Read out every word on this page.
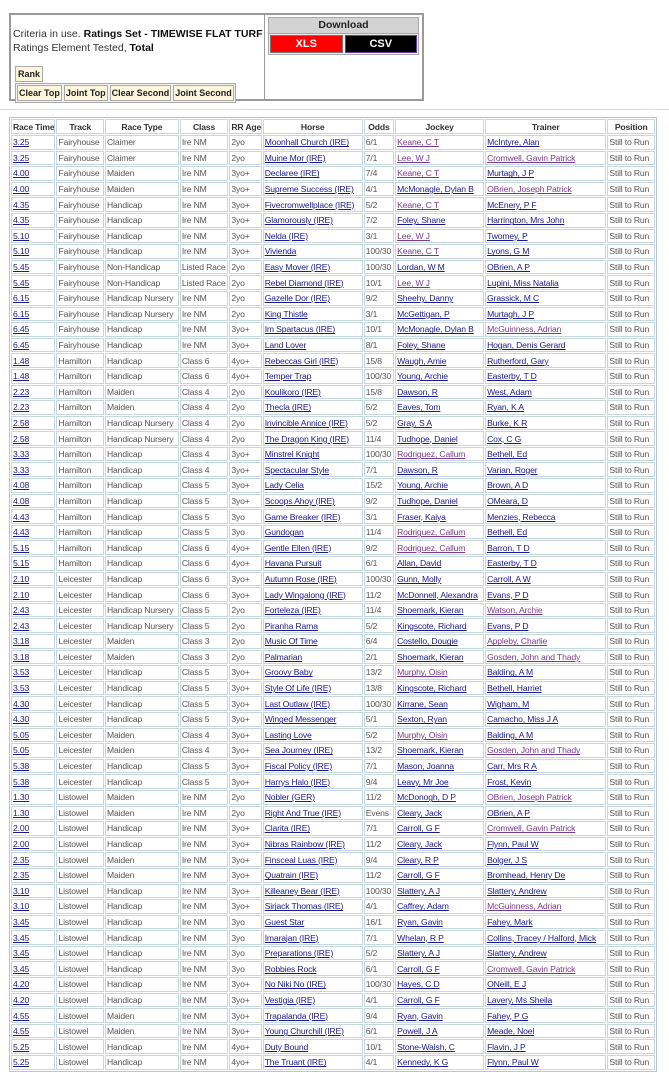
Criteria in use. Ratings Set - TIMEWISE FLAT TURF
Ratings Element Tested, Total
Rank
Clear Top Joint Top Clear Second Joint Second
Download
XLS	CSV
Race Time	Track	Race Type	Class	RR Age	Horse	Odds	Jockey	Trainer	Position
3.25	Fairyhouse	Claimer	Ire NM	2yo	Moonhall Church (IRE)	6/1	Keane, C T	McIntyre, Alan	Still to Run
3.25	Fairyhouse	Claimer	Ire NM	2yo	Muine Mor (IRE)	7/1	Lee, W J	Cromwell, Gavin Patrick	Still to Run
4.00	Fairyhouse	Maiden	Ire NM	3yo+	Declaree (IRE)	7/4	Keane, C T	Murtagh, J P	Still to Run
4.00	Fairyhouse	Maiden	Ire NM	3yo+	Supreme Success (IRE)	4/1	McMonagle, Dylan B	OBrien, Joseph Patrick	Still to Run
4.35	Fairyhouse	Handicap	Ire NM	3yo+	Fivecromwellplace (IRE)	5/2	Keane, C T	McEnery, P F	Still to Run
4.35	Fairyhouse	Handicap	Ire NM	3yo+	Glamorously (IRE)	7/2	Foley, Shane	Harrington, Mrs John	Still to Run
5.10	Fairyhouse	Handicap	Ire NM	3yo+	Nelda (IRE)	3/1	Lee, W J	Twomey, P	Still to Run
5.10	Fairyhouse	Handicap	Ire NM	3yo+	Vivienda	100/30	Keane, C T	Lyons, G M	Still to Run
5.45	Fairyhouse	Non-Handicap	Listed Race	2yo	Easy Mover (IRE)	100/30	Lordan, W M	OBrien, A P	Still to Run
5.45	Fairyhouse	Non-Handicap	Listed Race	2yo	Rebel Diamond (IRE)	10/1	Lee, W J	Lupini, Miss Natalia	Still to Run
6.15	Fairyhouse	Handicap Nursery	Ire NM	2yo	Gazelle Dor (IRE)	9/2	Sheehy, Danny	Grassick, M C	Still to Run
6.15	Fairyhouse	Handicap Nursery	Ire NM	2yo	King Thistle	3/1	McGettigan, P	Murtagh, J P	Still to Run
6.45	Fairyhouse	Handicap	Ire NM	3yo+	Im Spartacus (IRE)	10/1	McMonagle, Dylan B	McGuinness, Adrian	Still to Run
6.45	Fairyhouse	Handicap	Ire NM	3yo+	Land Lover	8/1	Foley, Shane	Hogan, Denis Gerard	Still to Run
1.48	Hamilton	Handicap	Class 6	4yo+	Rebeccas Girl (IRE)	15/8	Waugh, Amie	Rutherford, Gary	Still to Run
1.48	Hamilton	Handicap	Class 6	4yo+	Temper Trap	100/30	Young, Archie	Easterby, T D	Still to Run
2.23	Hamilton	Maiden	Class 4	2yo	Koulikoro (IRE)	15/8	Dawson, R	West, Adam	Still to Run
2.23	Hamilton	Maiden	Class 4	2yo	Thecla (IRE)	5/2	Eaves, Tom	Ryan, K A	Still to Run
2.58	Hamilton	Handicap Nursery	Class 4	2yo	Invincible Annice (IRE)	5/2	Gray, S A	Burke, K R	Still to Run
2.58	Hamilton	Handicap Nursery	Class 4	2yo	The Dragon King (IRE)	11/4	Tudhope, Daniel	Cox, C G	Still to Run
3.33	Hamilton	Handicap	Class 4	3yo+	Minstrel Knight	100/30	Rodriguez, Callum	Bethell, Ed	Still to Run
3.33	Hamilton	Handicap	Class 4	3yo+	Spectacular Style	7/1	Dawson, R	Varian, Roger	Still to Run
4.08	Hamilton	Handicap	Class 5	3yo+	Lady Celia	15/2	Young, Archie	Brown, A D	Still to Run
4.08	Hamilton	Handicap	Class 5	3yo+	Scoops Ahoy (IRE)	9/2	Tudhope, Daniel	OMeara, D	Still to Run
4.43	Hamilton	Handicap	Class 5	3yo	Game Breaker (IRE)	3/1	Fraser, Kaiya	Menzies, Rebecca	Still to Run
4.43	Hamilton	Handicap	Class 5	3yo	Gundogan	11/4	Rodriguez, Callum	Bethell, Ed	Still to Run
5.15	Hamilton	Handicap	Class 6	4yo+	Gentle Ellen (IRE)	9/2	Rodriguez, Callum	Barron, T D	Still to Run
5.15	Hamilton	Handicap	Class 6	4yo+	Havana Pursuit	6/1	Allan, David	Easterby, T D	Still to Run
2.10	Leicester	Handicap	Class 6	3yo+	Autumn Rose (IRE)	100/30	Gunn, Molly	Carroll, A W	Still to Run
2.10	Leicester	Handicap	Class 6	3yo+	Lady Wingalong (IRE)	11/2	McDonnell, Alexandra	Evans, P D	Still to Run
2.43	Leicester	Handicap Nursery	Class 5	2yo	Forteleza (IRE)	11/4	Shoemark, Kieran	Watson, Archie	Still to Run
2.43	Leicester	Handicap Nursery	Class 5	2yo	Piranha Rama	5/2	Kingscote, Richard	Evans, P D	Still to Run
3.18	Leicester	Maiden	Class 3	2yo	Music Of Time	6/4	Costello, Dougie	Appleby, Charlie	Still to Run
3.18	Leicester	Maiden	Class 3	2yo	Palmarian	2/1	Shoemark, Kieran	Gosden, John and Thady	Still to Run
3.53	Leicester	Handicap	Class 5	3yo+	Groovy Baby	13/2	Murphy, Oisin	Balding, A M	Still to Run
3.53	Leicester	Handicap	Class 5	3yo+	Style Of Life (IRE)	13/8	Kingscote, Richard	Bethell, Harriet	Still to Run
4.30	Leicester	Handicap	Class 5	3yo+	Last Outlaw (IRE)	100/30	Kirrane, Sean	Wigham, M	Still to Run
4.30	Leicester	Handicap	Class 5	3yo+	Winged Messenger	5/1	Sexton, Ryan	Camacho, Miss J A	Still to Run
5.05	Leicester	Maiden	Class 4	3yo+	Lasting Love	5/2	Murphy, Oisin	Balding, A M	Still to Run
5.05	Leicester	Maiden	Class 4	3yo+	Sea Journey (IRE)	13/2	Shoemark, Kieran	Gosden, John and Thady	Still to Run
5.38	Leicester	Handicap	Class 5	3yo+	Fiscal Policy (IRE)	7/1	Mason, Joanna	Carr, Mrs R A	Still to Run
5.38	Leicester	Handicap	Class 5	3yo+	Harrys Halo (IRE)	9/4	Leavy, Mr Joe	Frost, Kevin	Still to Run
1.30	Listowel	Maiden	Ire NM	2yo	Nobler (GER)	11/2	McDonogh, D P	OBrien, Joseph Patrick	Still to Run
1.30	Listowel	Maiden	Ire NM	2yo	Right And True (IRE)	Evens	Cleary, Jack	OBrien, A P	Still to Run
2.00	Listowel	Handicap	Ire NM	3yo+	Clarita (IRE)	7/1	Carroll, G F	Cromwell, Gavin Patrick	Still to Run
2.00	Listowel	Handicap	Ire NM	3yo+	Nibras Rainbow (IRE)	11/2	Cleary, Jack	Flynn, Paul W	Still to Run
2.35	Listowel	Maiden	Ire NM	3yo+	Finsceal Luas (IRE)	9/4	Cleary, R P	Bolger, J S	Still to Run
2.35	Listowel	Maiden	Ire NM	3yo+	Quatrain (IRE)	11/2	Carroll, G F	Bromhead, Henry De	Still to Run
3.10	Listowel	Handicap	Ire NM	3yo+	Killeaney Bear (IRE)	100/30	Slattery, A J	Slattery, Andrew	Still to Run
3.10	Listowel	Handicap	Ire NM	3yo+	Sirjack Thomas (IRE)	4/1	Caffrey, Adam	McGuinness, Adrian	Still to Run
3.45	Listowel	Handicap	Ire NM	3yo	Guest Star	16/1	Ryan, Gavin	Fahey, Mark	Still to Run
3.45	Listowel	Handicap	Ire NM	3yo	Imarajan (IRE)	7/1	Whelan, R P	Collins, Tracey / Halford, Mick	Still to Run
3.45	Listowel	Handicap	Ire NM	3yo	Preparations (IRE)	5/2	Slattery, A J	Slattery, Andrew	Still to Run
3.45	Listowel	Handicap	Ire NM	3yo	Robbies Rock	6/1	Carroll, G F	Cromwell, Gavin Patrick	Still to Run
4.20	Listowel	Handicap	Ire NM	3yo+	No Niki No (IRE)	100/30	Hayes, C D	ONeill, E J	Still to Run
4.20	Listowel	Handicap	Ire NM	3yo+	Vestigia (IRE)	4/1	Carroll, G F	Lavery, Ms Sheila	Still to Run
4.55	Listowel	Maiden	Ire NM	3yo+	Trapalanda (IRE)	9/4	Ryan, Gavin	Fahey, P G	Still to Run
4.55	Listowel	Maiden	Ire NM	3yo+	Young Churchill (IRE)	6/1	Powell, J A	Meade, Noel	Still to Run
5.25	Listowel	Handicap	Ire NM	4yo+	Duty Bound	10/1	Stone-Walsh, C	Flavin, J P	Still to Run
5.25	Listowel	Handicap	Ire NM	4yo+	The Truant (IRE)	4/1	Kennedy, K G	Flynn, Paul W	Still to Run
